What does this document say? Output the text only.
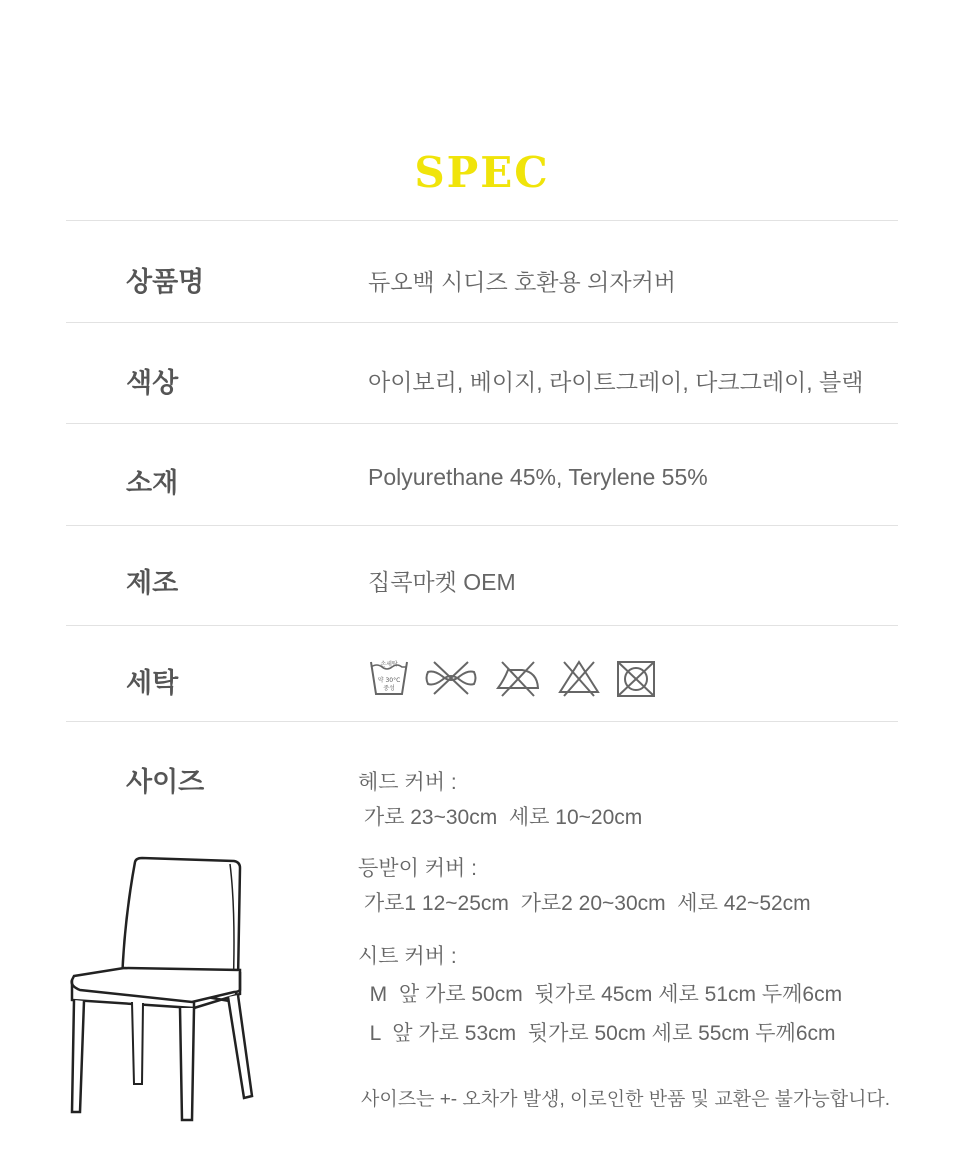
SPEC
상품명	듀오백 시디즈 호환용 의자커버
색상	아이보리, 베이지, 라이트그레이, 다크그레이, 블랙
소재	Polyurethane 45%, Terylene 55%
제조	집콕마켓 OEM
세탁
손세탁
약 30°C
중성
사이즈	헤드 커버 :
가로 23~30cm  세로 10~20cm
등받이 커버 :
가로1 12~25cm  가로2 20~30cm  세로 42~52cm
시트 커버 :
M  앞 가로 50cm  뒷가로 45cm 세로 51cm 두께6cm
L  앞 가로 53cm  뒷가로 50cm 세로 55cm 두께6cm
사이즈는 +- 오차가 발생, 이로인한 반품 및 교환은 불가능합니다.
